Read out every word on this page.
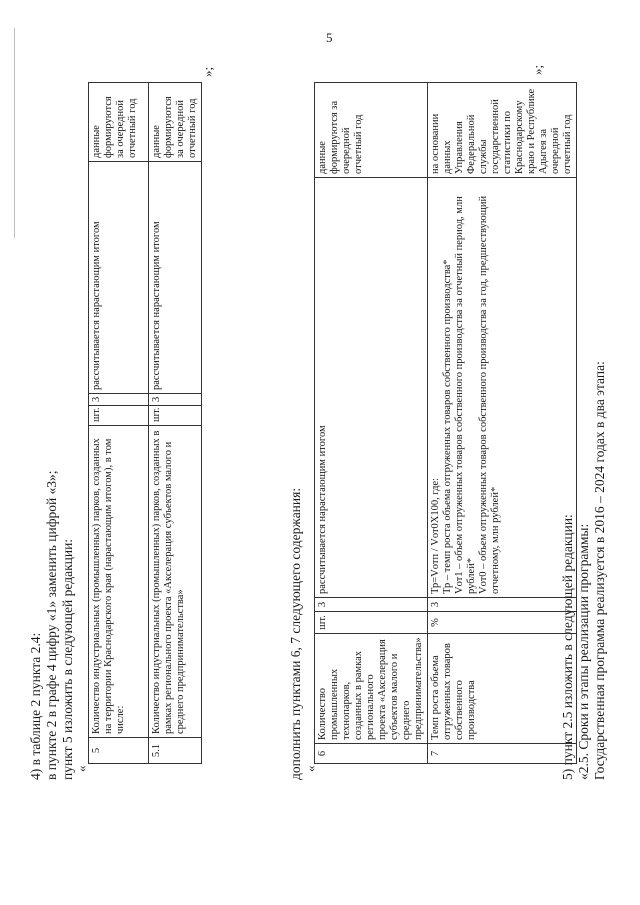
5
4) в таблице 2 пункта 2.4: в пункте 2 в графе 4 цифру «1» заменить цифрой «3»; пункт 5 изложить в следующей редакции: «
5	Количество индустриальных (промышленных) парков, созданных на территории Краснодарского края (нарастающим итогом), в том числе:	шт.	3	рассчитывается нарастающим итогом	данные формируются за очередной отчетный год
5.1	Количество индустриальных (промышленных) парков, созданных в рамках регионального проекта «Акселерация субъектов малого и среднего предпринимательства»	шт.	3	рассчитывается нарастающим итогом	данные формируются за очередной отчетный год
»;
дополнить пунктами 6, 7 следующего содержания: «
6	Количество промышленных технопарков, созданных в рамках регионального проекта «Акселерация субъектов малого и среднего предпринимательства»	шт.	3	рассчитывается нарастающим итогом	данные формируются за очередной отчетный год
7	Темп роста объема отгруженных товаров собственного производства	%	3	Тр=Vотп / Vот0Х100, где:
Тр – темп роста объема отгруженных товаров собственного производства*
Vот1 – объем отгруженных товаров собственного производства за отчетный период, млн рублей*
Vот0 – объем отгруженных товаров собственного производства за год, предшествующий отчетному, млн рублей*	на основании данных Управления Федеральной службы государственной статистики по Краснодарскому краю и Республике Адыгея за очередной отчетный год
»;
5) пункт 2.5 изложить в следующей редакции: «2.5. Сроки и этапы реализации программы: Государственная программа реализуется в 2016 – 2024 годах в два этапа:
